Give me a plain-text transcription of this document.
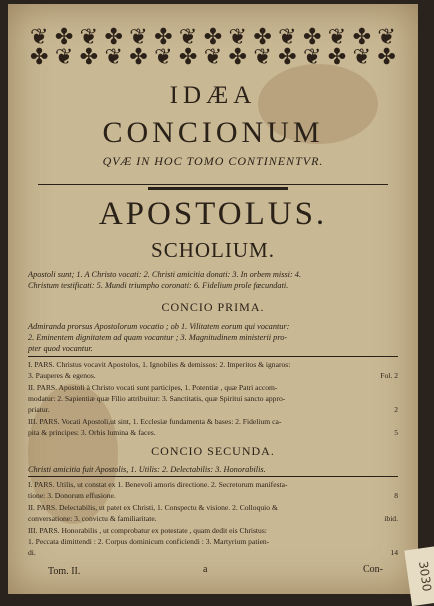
❦ ✤ ❦ ✤ ❦ ✤ ❦ ✤ ❦ ✤ ❦ ✤ ❦ ✤ ❦
✤ ❦ ✤ ❦ ✤ ❦ ✤ ❦ ✤ ❦ ✤ ❦ ✤ ❦ ✤
IDÆA
CONCIONUM
QVÆ IN HOC TOMO CONTINENTVR.
APOSTOLUS.
SCHOLIUM.
Apostoli sunt; 1. A Christo vocati: 2. Christi amicitia donati: 3. In orbem missi: 4.
Christum testificati: 5. Mundi triumpho coronati: 6. Fidelium prole fœcundati.
CONCIO PRIMA.
Admiranda prorsus Apostolorum vocatio ; ob 1. Vilitatem eorum qui vocantur:
2. Eminentem dignitatem ad quam vocantur ; 3. Magnitudinem ministerii pro-
pter quod vocantur.
I. PARS. Christus vocavit Apostolos, 1. Ignobiles & demissos: 2. Imperitos & ignaros:
3. Pauperes & egenos.	Fol. 2
II. PARS. Apostoli à Christo vocati sunt participes, 1. Potentiæ , quæ Patri accom-
modatur: 2. Sapientiæ quæ Filio attribuitur: 3. Sanctitatis, quæ Spiritui sancto appro-
priatur.	2
III. PARS. Vocati Apostoli,ut sint, 1. Ecclesiæ fundamenta & bases: 2. Fidelium ca-
pita & principes: 3. Orbis lumina & faces.	5
CONCIO SECUNDA.
Christi amicitia fuit Apostolis, 1. Utilis: 2. Delectabilis: 3. Honorabilis.
I. PARS. Utilis, ut constat ex 1. Benevoli amoris directione. 2. Secretorum manifesta-
tione: 3. Donorum effusione.	8
II. PARS. Delectabilis, ut patet ex Christi, 1. Conspectu & visione. 2. Colloquio &
conversatione: 3. convictu & familiaritate.	ibid.
III. PARS. Honorabilis , ut comprobatur ex potestate , quam dedit eis Christus:
1. Peccata dimittendi : 2. Corpus dominicum conficiendi : 3. Martyrium patien-
di.	14
Tom. II.	a	Con-	3030
